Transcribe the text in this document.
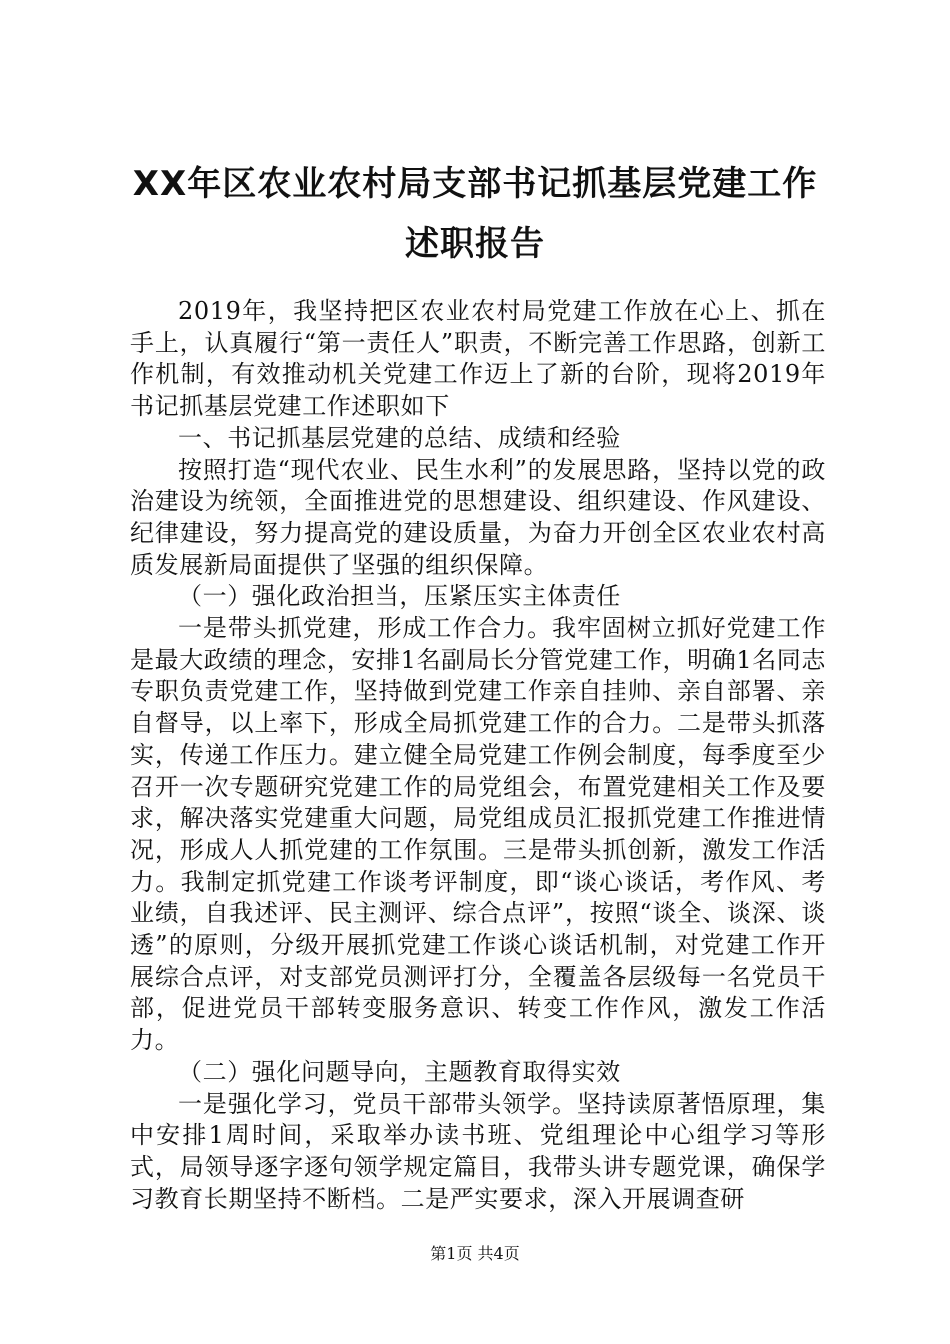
XX年区农业农村局支部书记抓基层党建工作
述职报告

2019年，我坚持把区农业农村局党建工作放在心上、抓在手上，认真履行“第一责任人”职责，不断完善工作思路，创新工作机制，有效推动机关党建工作迈上了新的台阶，现将2019年书记抓基层党建工作述职如下

一、书记抓基层党建的总结、成绩和经验

按照打造“现代农业、民生水利”的发展思路，坚持以党的政治建设为统领，全面推进党的思想建设、组织建设、作风建设、纪律建设，努力提高党的建设质量，为奋力开创全区农业农村高质发展新局面提供了坚强的组织保障。

（一）强化政治担当，压紧压实主体责任

一是带头抓党建，形成工作合力。我牢固树立抓好党建工作是最大政绩的理念，安排1名副局长分管党建工作，明确1名同志专职负责党建工作，坚持做到党建工作亲自挂帅、亲自部署、亲自督导，以上率下，形成全局抓党建工作的合力。二是带头抓落实，传递工作压力。建立健全局党建工作例会制度，每季度至少召开一次专题研究党建工作的局党组会，布置党建相关工作及要求，解决落实党建重大问题，局党组成员汇报抓党建工作推进情况，形成人人抓党建的工作氛围。三是带头抓创新，激发工作活力。我制定抓党建工作谈考评制度，即“谈心谈话，考作风、考业绩，自我述评、民主测评、综合点评”，按照“谈全、谈深、谈透”的原则，分级开展抓党建工作谈心谈话机制，对党建工作开展综合点评，对支部党员测评打分，全覆盖各层级每一名党员干部，促进党员干部转变服务意识、转变工作作风，激发工作活力。

（二）强化问题导向，主题教育取得实效

一是强化学习，党员干部带头领学。坚持读原著悟原理，集中安排1周时间，采取举办读书班、党组理论中心组学习等形式，局领导逐字逐句领学规定篇目，我带头讲专题党课，确保学习教育长期坚持不断档。二是严实要求，深入开展调查研

第1页 共4页
